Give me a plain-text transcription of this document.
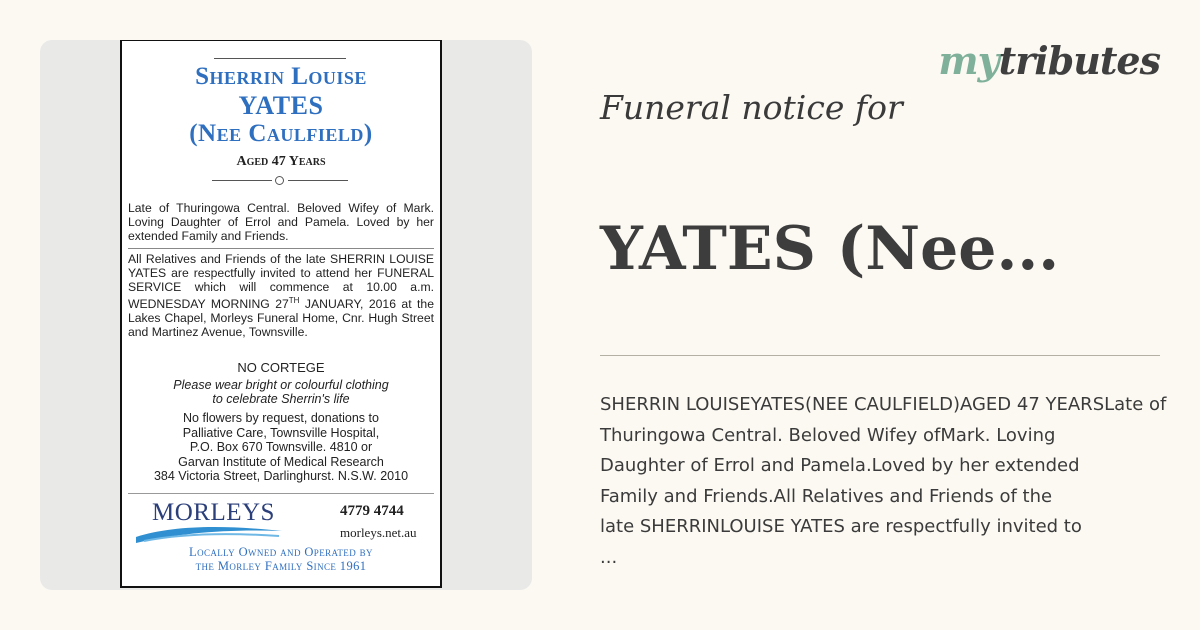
Sherrin Louise
YATES
(Nee Caulfield)
Aged 47 Years

Late of Thuringowa Central. Beloved Wifey of Mark. Loving Daughter of Errol and Pamela. Loved by her extended Family and Friends.

All Relatives and Friends of the late SHERRIN LOUISE YATES are respectfully invited to attend her FUNERAL SERVICE which will commence at 10.00 a.m. WEDNESDAY MORNING 27TH JANUARY, 2016 at the Lakes Chapel, Morleys Funeral Home, Cnr. Hugh Street and Martinez Avenue, Townsville.

NO CORTEGE

Please wear bright or colourful clothing
to celebrate Sherrin's life

No flowers by request, donations to
Palliative Care, Townsville Hospital,
P.O. Box 670 Townsville. 4810 or
Garvan Institute of Medical Research
384 Victoria Street, Darlinghurst. N.S.W. 2010

MORLEYS	4779 4744
morleys.net.au
Locally Owned and Operated by
the Morley Family Since 1961
mytributes
Funeral notice for
YATES (Nee...

SHERRIN LOUISEYATES(NEE CAULFIELD)AGED 47 YEARSLate of
Thuringowa Central. Beloved Wifey ofMark. Loving
Daughter of Errol and Pamela.Loved by her extended
Family and Friends.All Relatives and Friends of the
late SHERRINLOUISE YATES are respectfully invited to
...
